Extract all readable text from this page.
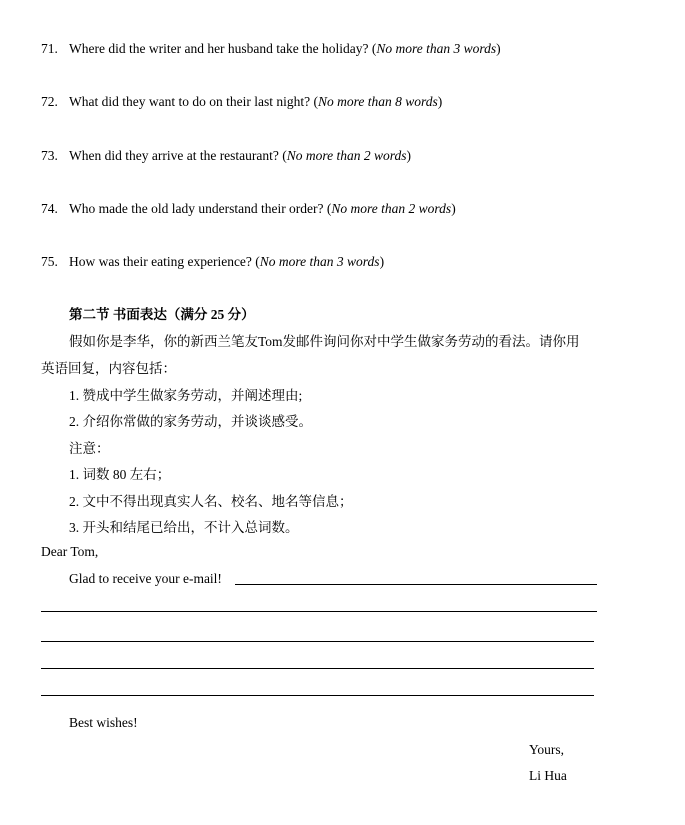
71. Where did the writer and her husband take the holiday? (No more than 3 words)
72. What did they want to do on their last night? (No more than 8 words)
73. When did they arrive at the restaurant? (No more than 2 words)
74. Who made the old lady understand their order? (No more than 2 words)
75. How was their eating experience? (No more than 3 words)
第二节 书面表达（满分 25 分）
假如你是李华，你的新西兰笔友Tom发邮件询问你对中学生做家务劳动的看法。请你用
英语回复，内容包括：
1. 赞成中学生做家务劳动，并阐述理由;
2. 介绍你常做的家务劳动，并谈谈感受。
注意：
1. 词数 80 左右；
2. 文中不得出现真实人名、校名、地名等信息；
3. 开头和结尾已给出，不计入总词数。
Dear Tom,
Glad to receive your e-mail!
Best wishes!
Yours,
Li Hua
